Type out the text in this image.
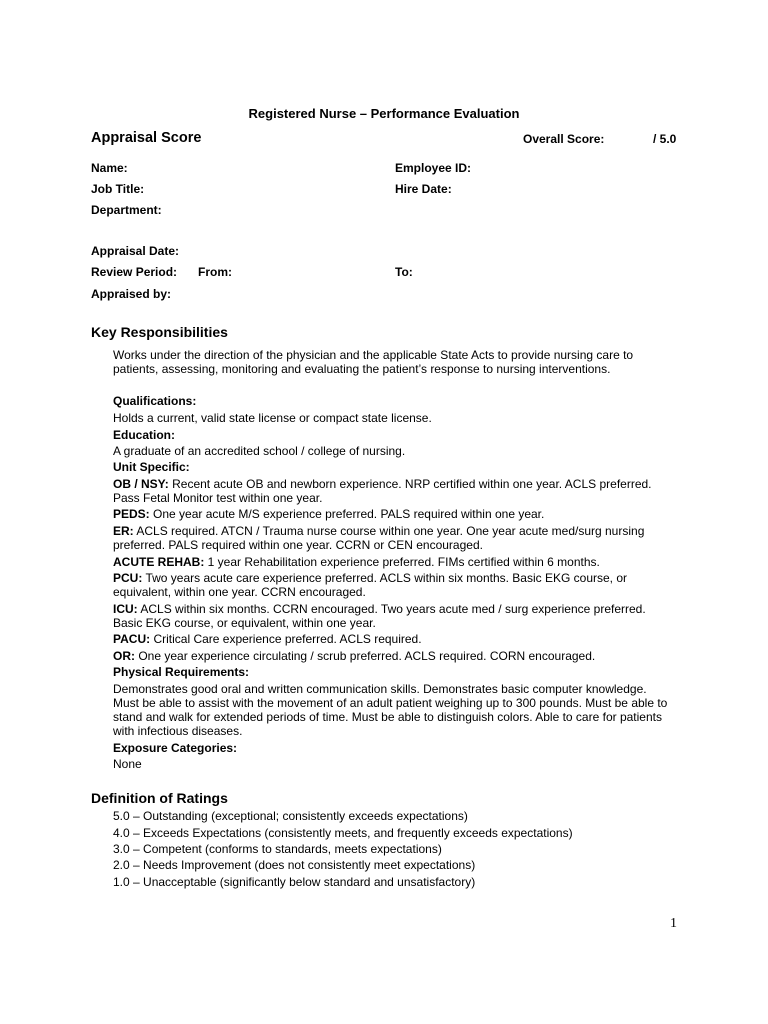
Registered Nurse – Performance Evaluation
Appraisal Score	Overall Score:	/ 5.0
Name:	Employee ID:
Job Title:	Hire Date:
Department:
Appraisal Date:
Review Period: From:	To:
Appraised by:
Key Responsibilities
Works under the direction of the physician and the applicable State Acts to provide nursing care to patients, assessing, monitoring and evaluating the patient’s response to nursing interventions.
Qualifications:
Holds a current, valid state license or compact state license.
Education:
A graduate of an accredited school / college of nursing.
Unit Specific:
OB / NSY: Recent acute OB and newborn experience. NRP certified within one year. ACLS preferred. Pass Fetal Monitor test within one year.
PEDS: One year acute M/S experience preferred. PALS required within one year.
ER: ACLS required. ATCN / Trauma nurse course within one year. One year acute med/surg nursing preferred. PALS required within one year. CCRN or CEN encouraged.
ACUTE REHAB: 1 year Rehabilitation experience preferred. FIMs certified within 6 months.
PCU: Two years acute care experience preferred. ACLS within six months. Basic EKG course, or equivalent, within one year. CCRN encouraged.
ICU: ACLS within six months. CCRN encouraged. Two years acute med / surg experience preferred. Basic EKG course, or equivalent, within one year.
PACU: Critical Care experience preferred. ACLS required.
OR: One year experience circulating / scrub preferred. ACLS required. CORN encouraged.
Physical Requirements:
Demonstrates good oral and written communication skills. Demonstrates basic computer knowledge. Must be able to assist with the movement of an adult patient weighing up to 300 pounds. Must be able to stand and walk for extended periods of time. Must be able to distinguish colors. Able to care for patients with infectious diseases.
Exposure Categories:
None
Definition of Ratings
5.0 – Outstanding (exceptional; consistently exceeds expectations)
4.0 – Exceeds Expectations (consistently meets, and frequently exceeds expectations)
3.0 – Competent (conforms to standards, meets expectations)
2.0 – Needs Improvement (does not consistently meet expectations)
1.0 – Unacceptable (significantly below standard and unsatisfactory)
1
